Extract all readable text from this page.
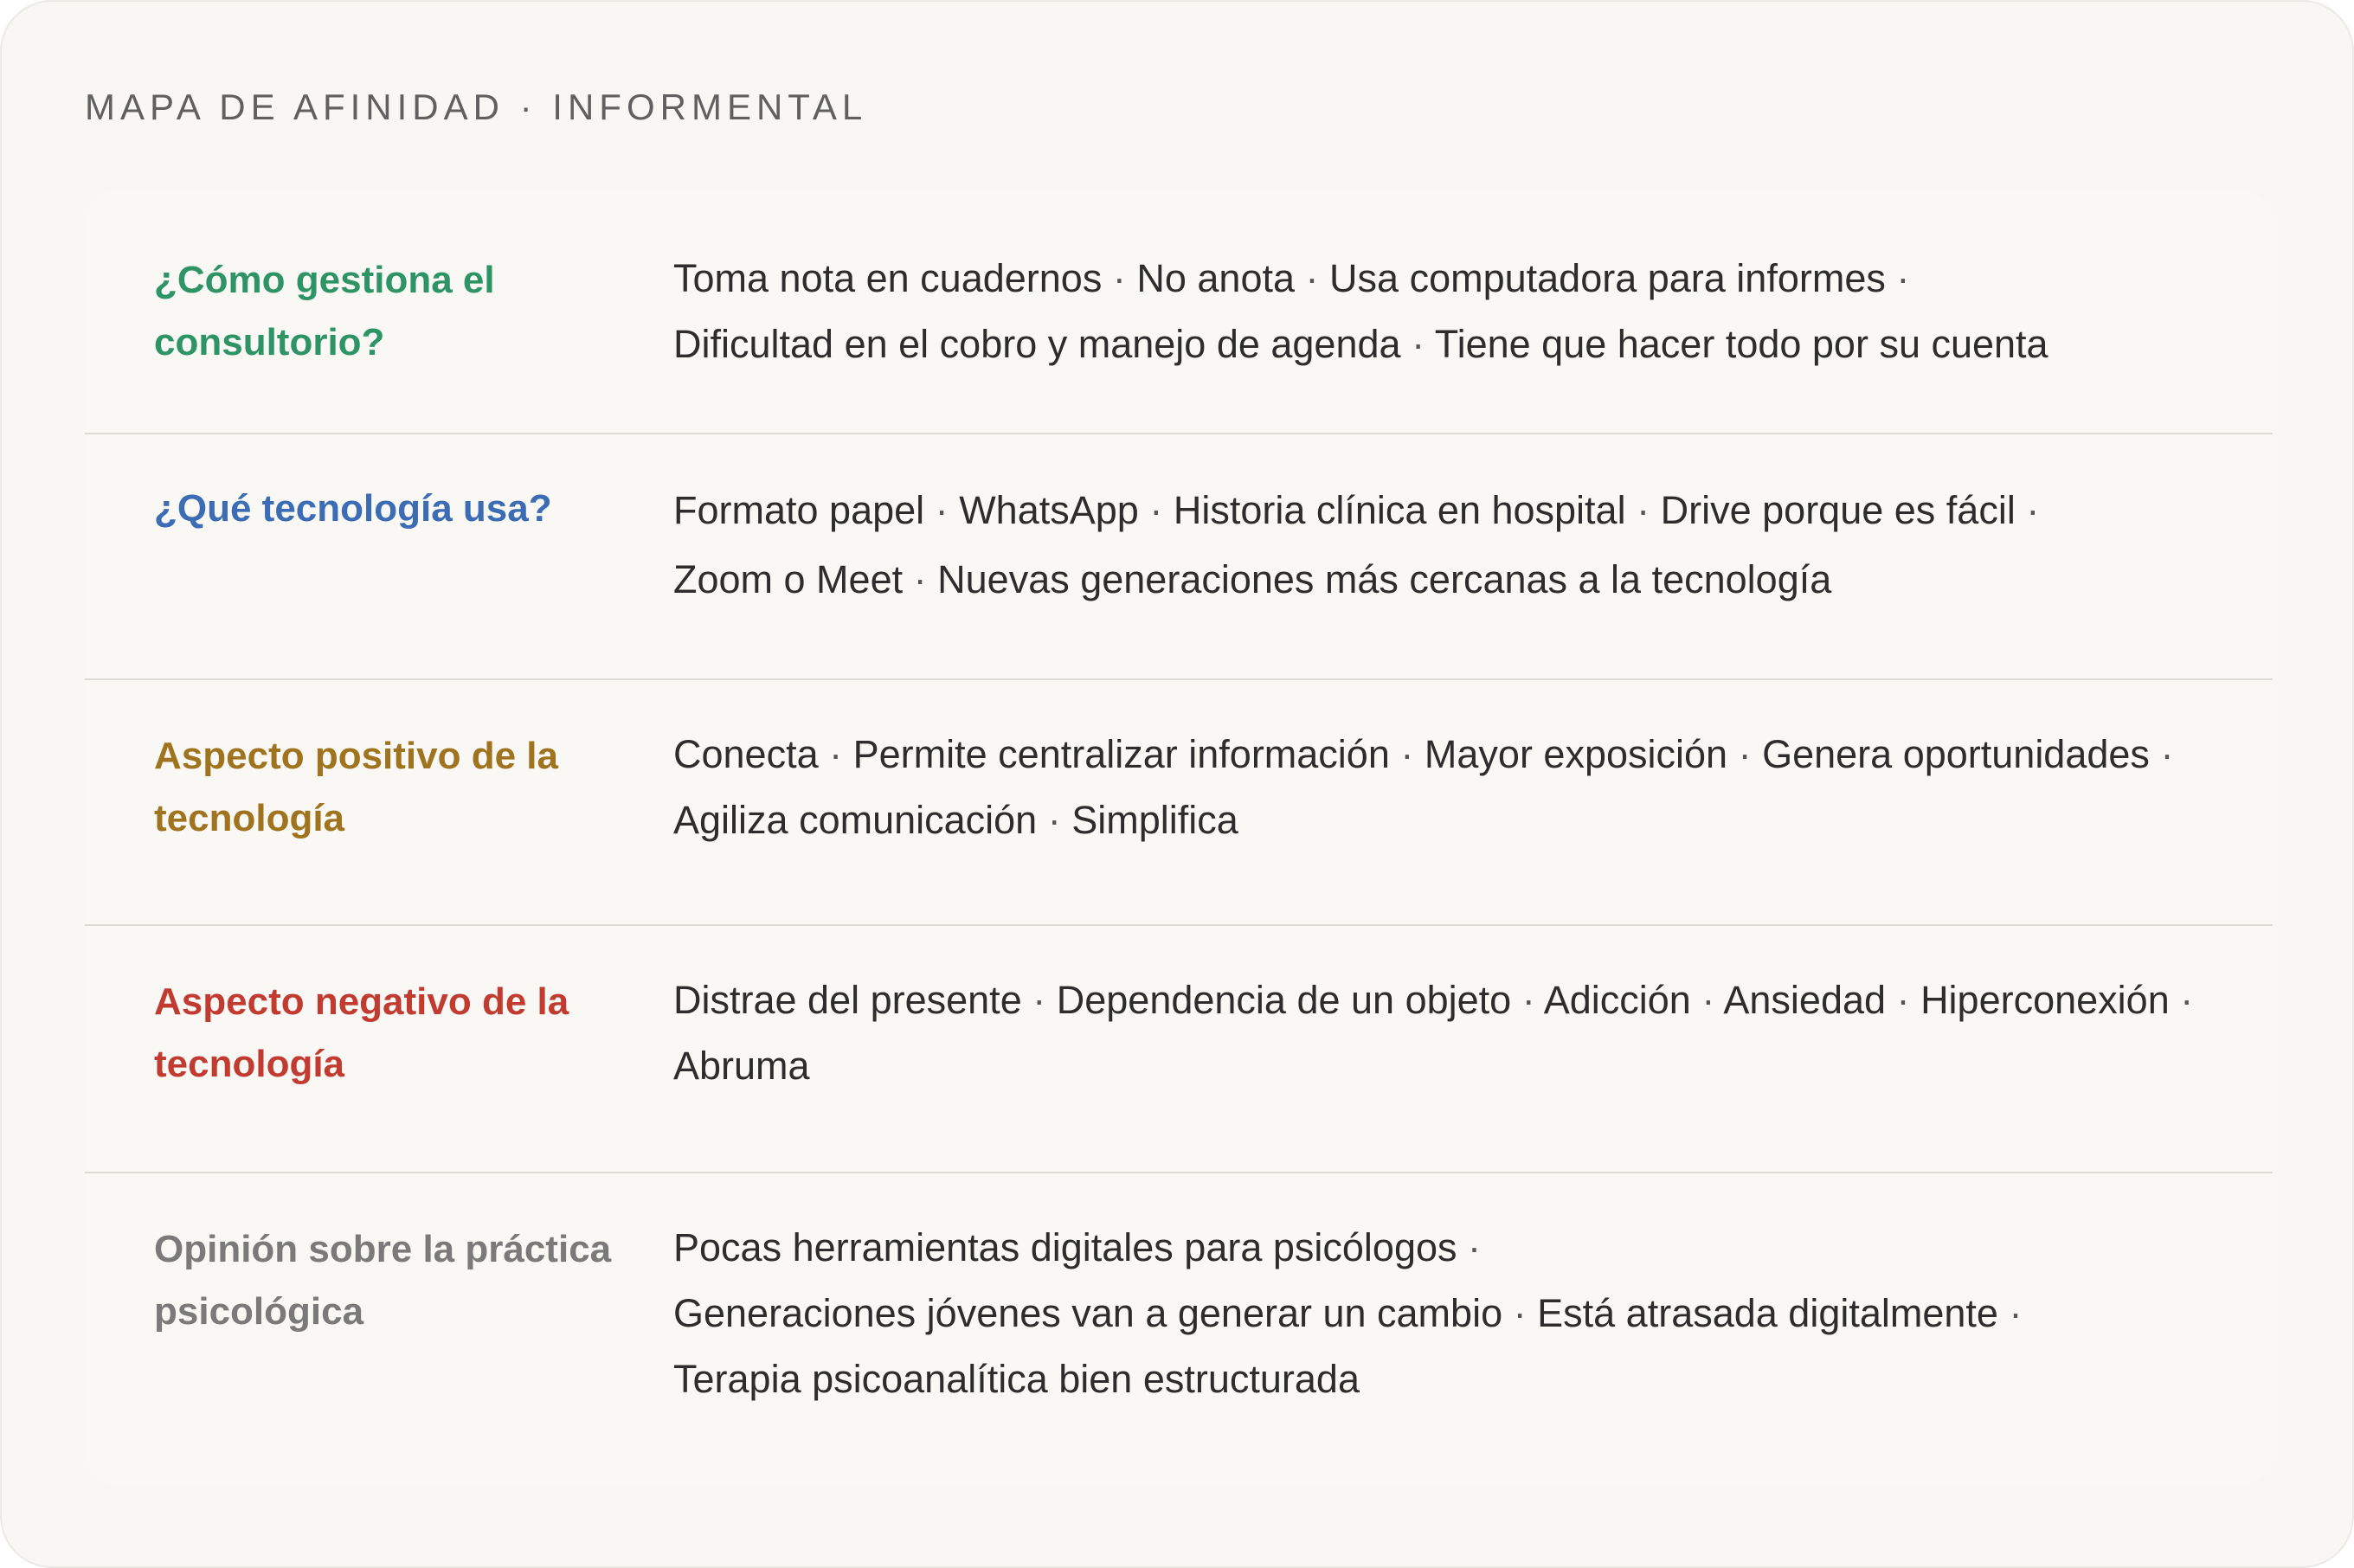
MAPA DE AFINIDAD · INFORMENTAL

¿Cómo gestiona el consultorio?

Toma nota en cuadernos · No anota · Usa computadora para informes · Dificultad en el cobro y manejo de agenda · Tiene que hacer todo por su cuenta

¿Qué tecnología usa?	Formato papel · WhatsApp · Historia clínica en hospital · Drive porque es fácil · Zoom o Meet · Nuevas generaciones más cercanas a la tecnología

Aspecto positivo de la tecnología

Conecta · Permite centralizar información · Mayor exposición · Genera oportunidades · Agiliza comunicación · Simplifica

Aspecto negativo de la tecnología

Distrae del presente · Dependencia de un objeto · Adicción · Ansiedad · Hiperconexión · Abruma

Opinión sobre la práctica psicológica

Pocas herramientas digitales para psicólogos · Generaciones jóvenes van a generar un cambio · Está atrasada digitalmente · Terapia psicoanalítica bien estructurada
